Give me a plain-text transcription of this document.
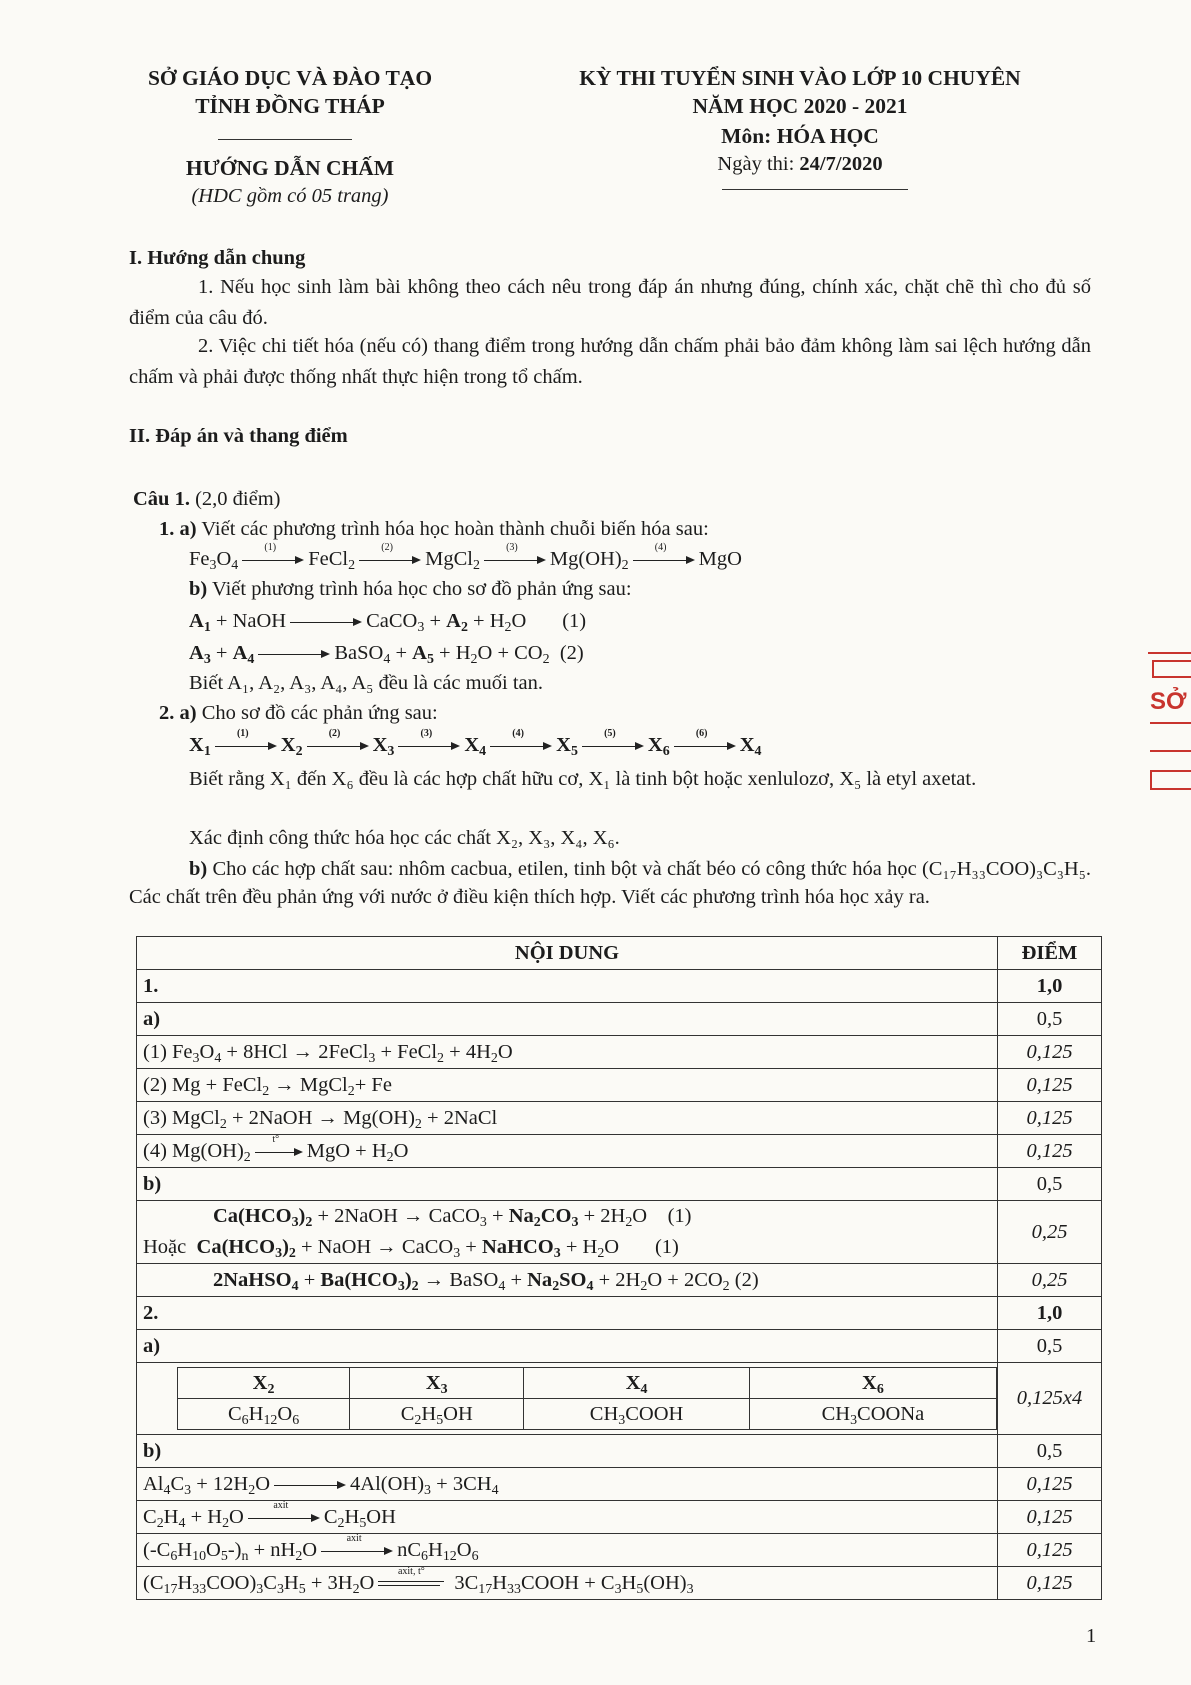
SỞ GIÁO DỤC VÀ ĐÀO TẠO
TỈNH ĐỒNG THÁP
HƯỚNG DẪN CHẤM
(HDC gồm có 05 trang)
KỲ THI TUYỂN SINH VÀO LỚP 10 CHUYÊN
NĂM HỌC 2020 - 2021
Môn: HÓA HỌC
Ngày thi: 24/7/2020
I. Hướng dẫn chung
1. Nếu học sinh làm bài không theo cách nêu trong đáp án nhưng đúng, chính xác, chặt chẽ thì cho đủ số điểm của câu đó.
2. Việc chi tiết hóa (nếu có) thang điểm trong hướng dẫn chấm phải bảo đảm không làm sai lệch hướng dẫn chấm và phải được thống nhất thực hiện trong tổ chấm.
II. Đáp án và thang điểm
Câu 1. (2,0 điểm)
1. a) Viết các phương trình hóa học hoàn thành chuỗi biến hóa sau:
$Fe_3O_4$
(1)
FeCl$_2$
(2)
MgCl$_2$
(3)
$Mg(OH)_2$
(4)
MgO
b) Viết phương trình hóa học cho sơ đồ phản ứng sau:
$A_1$ + NaOH	CaCO$_3$ + $A_2 + H_2O$       (1)
$A_3 + A_4$	BaSO$_4$ + $A_5 + H_2O + CO_2$  (2)
Biết A₁, A₂, A₃, A₄, A₅ đều là các muối tan.
2. a) Cho sơ đồ các phản ứng sau:
$X_1$
(1)
$X_2$
(2)
$X_3$
(3)
$X_4$
(4)
$X_5$
(5)
$X_6$
(6)
$X_4$
Biết rằng X₁ đến X₆ đều là các hợp chất hữu cơ, X₁ là tinh bột hoặc xenlulozơ, X₅ là etyl axetat.
Xác định công thức hóa học các chất X₂, X₃, X₄, X₆.
b) Cho các hợp chất sau: nhôm cacbua, etilen, tinh bột và chất béo có công thức hóa học (C₁₇H₃₃COO)₃C₃H₅. Các chất trên đều phản ứng với nước ở điều kiện thích hợp. Viết các phương trình hóa học xảy ra.
NỘI DUNG	ĐIỂM
1.	1,0
a)	0,5
(1) $Fe_3O_4 + 8HCl$ → 2FeCl$_3$ + FeCl$_2$ + $4H_2O$	0,125
(2) Mg + FeCl$_2$ → MgCl$_2$+ Fe	0,125
(3) MgCl$_2$ + 2NaOH → $Mg(OH)_2$ + 2NaCl	0,125
(4) $Mg(OH)_2$
t°
MgO + $H_2O$	0,125
b)	0,5

$Ca(HCO_3)_2$ + 2NaOH → CaCO$_3$ + $Na_2CO_3 + 2H_2O$    (1)
Hoặc $Ca(HCO_3)_2$ + NaOH → CaCO$_3$ + NaHCO$_3$ + $H_2O$       (1)
	0,25
2NaHSO$_4$ + $Ba(HCO_3)_2$ → BaSO$_4$ + $Na_2SO_4 + 2H_2O + 2CO_2$ (2)	0,25
2.	1,0
a)	0,5

$X_2$	$X_3$	$X_4$	$X_6$
$C_6H_{12}O_6$	$C_2H_5OH$	$CH_3COOH$	$CH_3COONa$
	0,125x4
b)	0,5
$Al_4C_3 + 12H_2O$	$4Al(OH)_3 + 3CH_4$	0,125
$C_2H_4 + H_2O$
axit
$C_2H_5OH$	0,125
$(-C_6H_{10}O_5-)_n + nH_2O$
axit
$nC_6H_{12}O_6$	0,125
$(C_{17}H_{33}COO)_3C_3H_5 + 3H_2O$
axit, t°
$3C_{17}H_{33}COOH + C_3H_5(OH)_3$	0,125
1
SỞ
